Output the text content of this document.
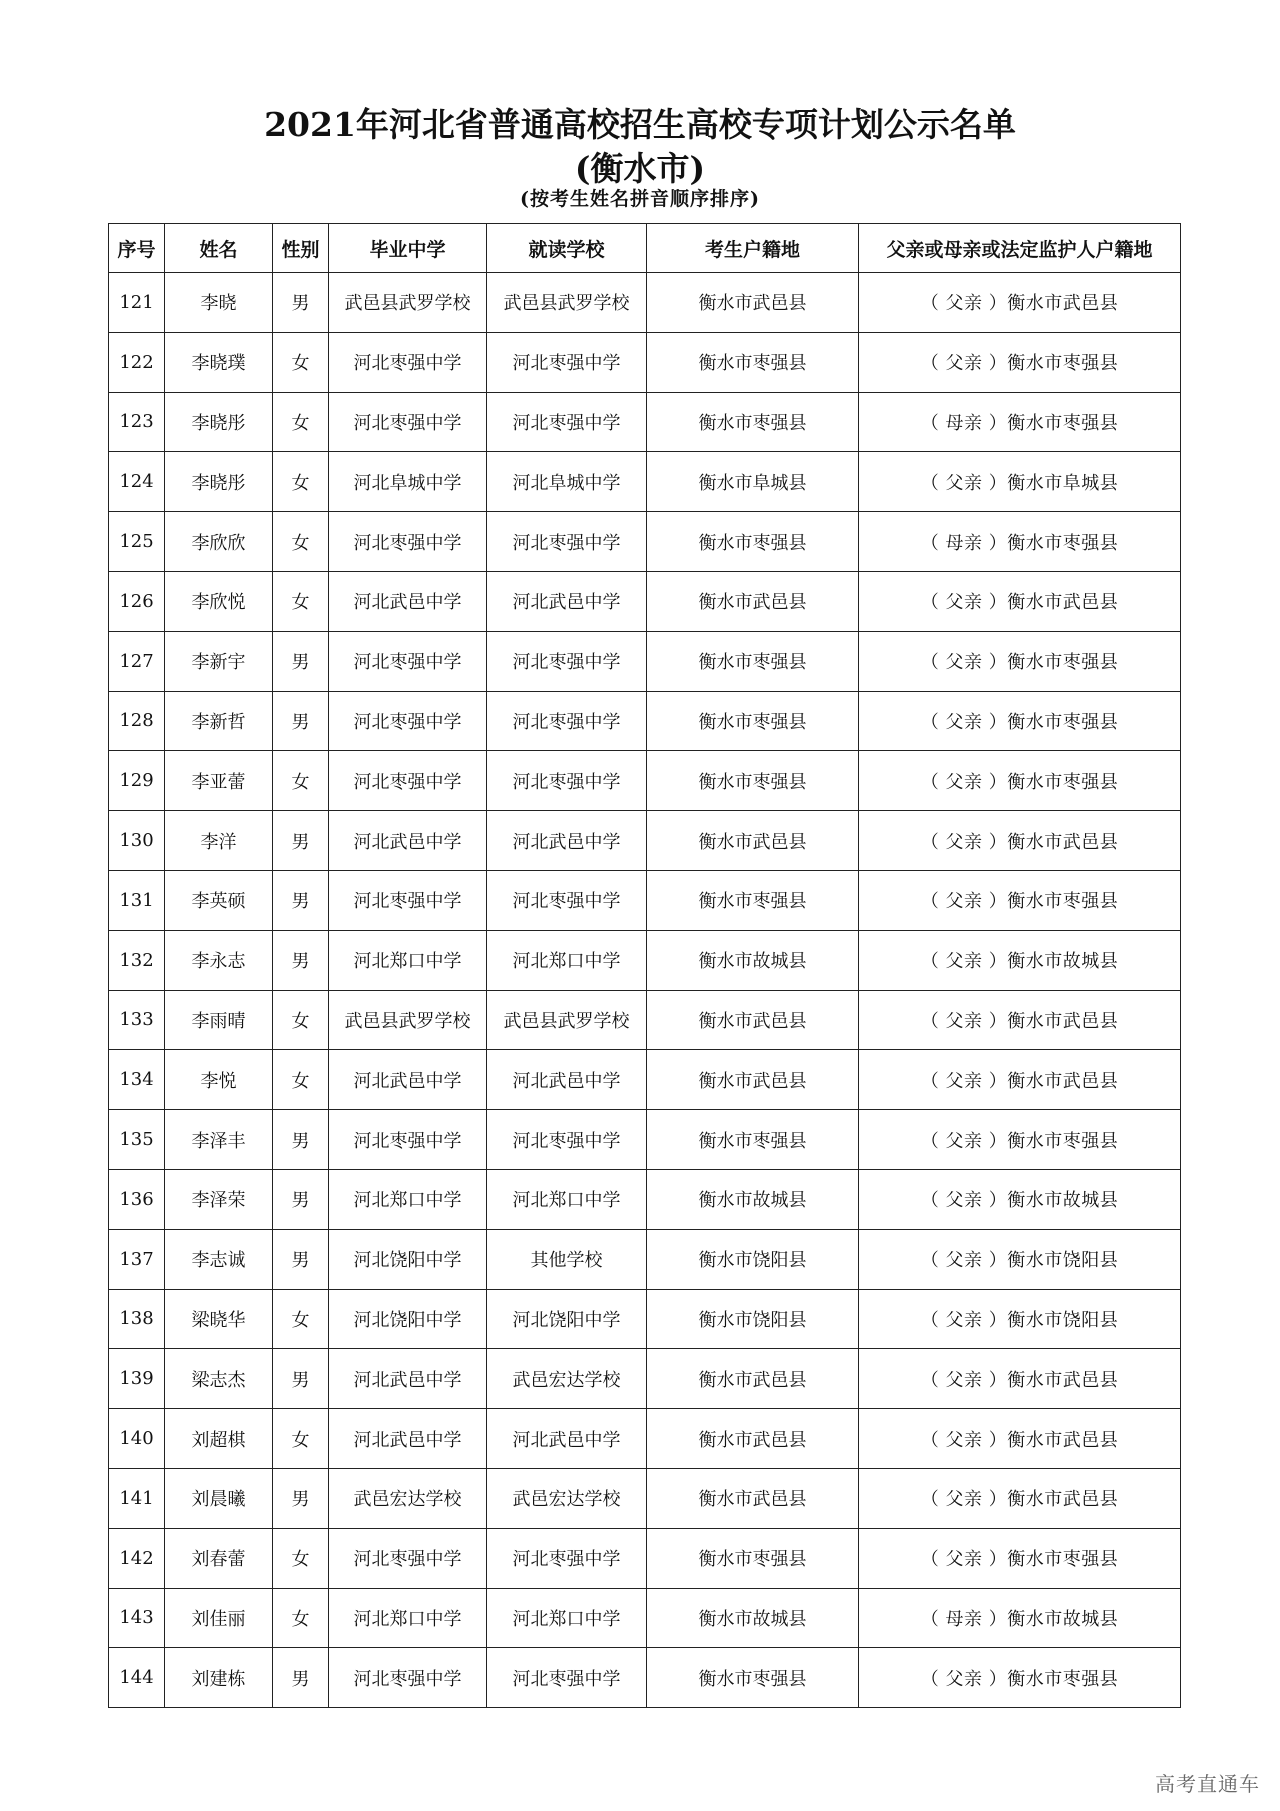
2021年河北省普通高校招生高校专项计划公示名单
(衡水市)
(按考生姓名拼音顺序排序)
序号	姓名	性别	毕业中学	就读学校	考生户籍地	父亲或母亲或法定监护人户籍地
121	李晓	男	武邑县武罗学校	武邑县武罗学校	衡水市武邑县	（ 父亲 ）衡水市武邑县
122	李晓璞	女	河北枣强中学	河北枣强中学	衡水市枣强县	（ 父亲 ）衡水市枣强县
123	李晓彤	女	河北枣强中学	河北枣强中学	衡水市枣强县	（ 母亲 ）衡水市枣强县
124	李晓彤	女	河北阜城中学	河北阜城中学	衡水市阜城县	（ 父亲 ）衡水市阜城县
125	李欣欣	女	河北枣强中学	河北枣强中学	衡水市枣强县	（ 母亲 ）衡水市枣强县
126	李欣悦	女	河北武邑中学	河北武邑中学	衡水市武邑县	（ 父亲 ）衡水市武邑县
127	李新宇	男	河北枣强中学	河北枣强中学	衡水市枣强县	（ 父亲 ）衡水市枣强县
128	李新哲	男	河北枣强中学	河北枣强中学	衡水市枣强县	（ 父亲 ）衡水市枣强县
129	李亚蕾	女	河北枣强中学	河北枣强中学	衡水市枣强县	（ 父亲 ）衡水市枣强县
130	李洋	男	河北武邑中学	河北武邑中学	衡水市武邑县	（ 父亲 ）衡水市武邑县
131	李英硕	男	河北枣强中学	河北枣强中学	衡水市枣强县	（ 父亲 ）衡水市枣强县
132	李永志	男	河北郑口中学	河北郑口中学	衡水市故城县	（ 父亲 ）衡水市故城县
133	李雨晴	女	武邑县武罗学校	武邑县武罗学校	衡水市武邑县	（ 父亲 ）衡水市武邑县
134	李悦	女	河北武邑中学	河北武邑中学	衡水市武邑县	（ 父亲 ）衡水市武邑县
135	李泽丰	男	河北枣强中学	河北枣强中学	衡水市枣强县	（ 父亲 ）衡水市枣强县
136	李泽荣	男	河北郑口中学	河北郑口中学	衡水市故城县	（ 父亲 ）衡水市故城县
137	李志诚	男	河北饶阳中学	其他学校	衡水市饶阳县	（ 父亲 ）衡水市饶阳县
138	梁晓华	女	河北饶阳中学	河北饶阳中学	衡水市饶阳县	（ 父亲 ）衡水市饶阳县
139	梁志杰	男	河北武邑中学	武邑宏达学校	衡水市武邑县	（ 父亲 ）衡水市武邑县
140	刘超棋	女	河北武邑中学	河北武邑中学	衡水市武邑县	（ 父亲 ）衡水市武邑县
141	刘晨曦	男	武邑宏达学校	武邑宏达学校	衡水市武邑县	（ 父亲 ）衡水市武邑县
142	刘春蕾	女	河北枣强中学	河北枣强中学	衡水市枣强县	（ 父亲 ）衡水市枣强县
143	刘佳丽	女	河北郑口中学	河北郑口中学	衡水市故城县	（ 母亲 ）衡水市故城县
144	刘建栋	男	河北枣强中学	河北枣强中学	衡水市枣强县	（ 父亲 ）衡水市枣强县
高考直通车
